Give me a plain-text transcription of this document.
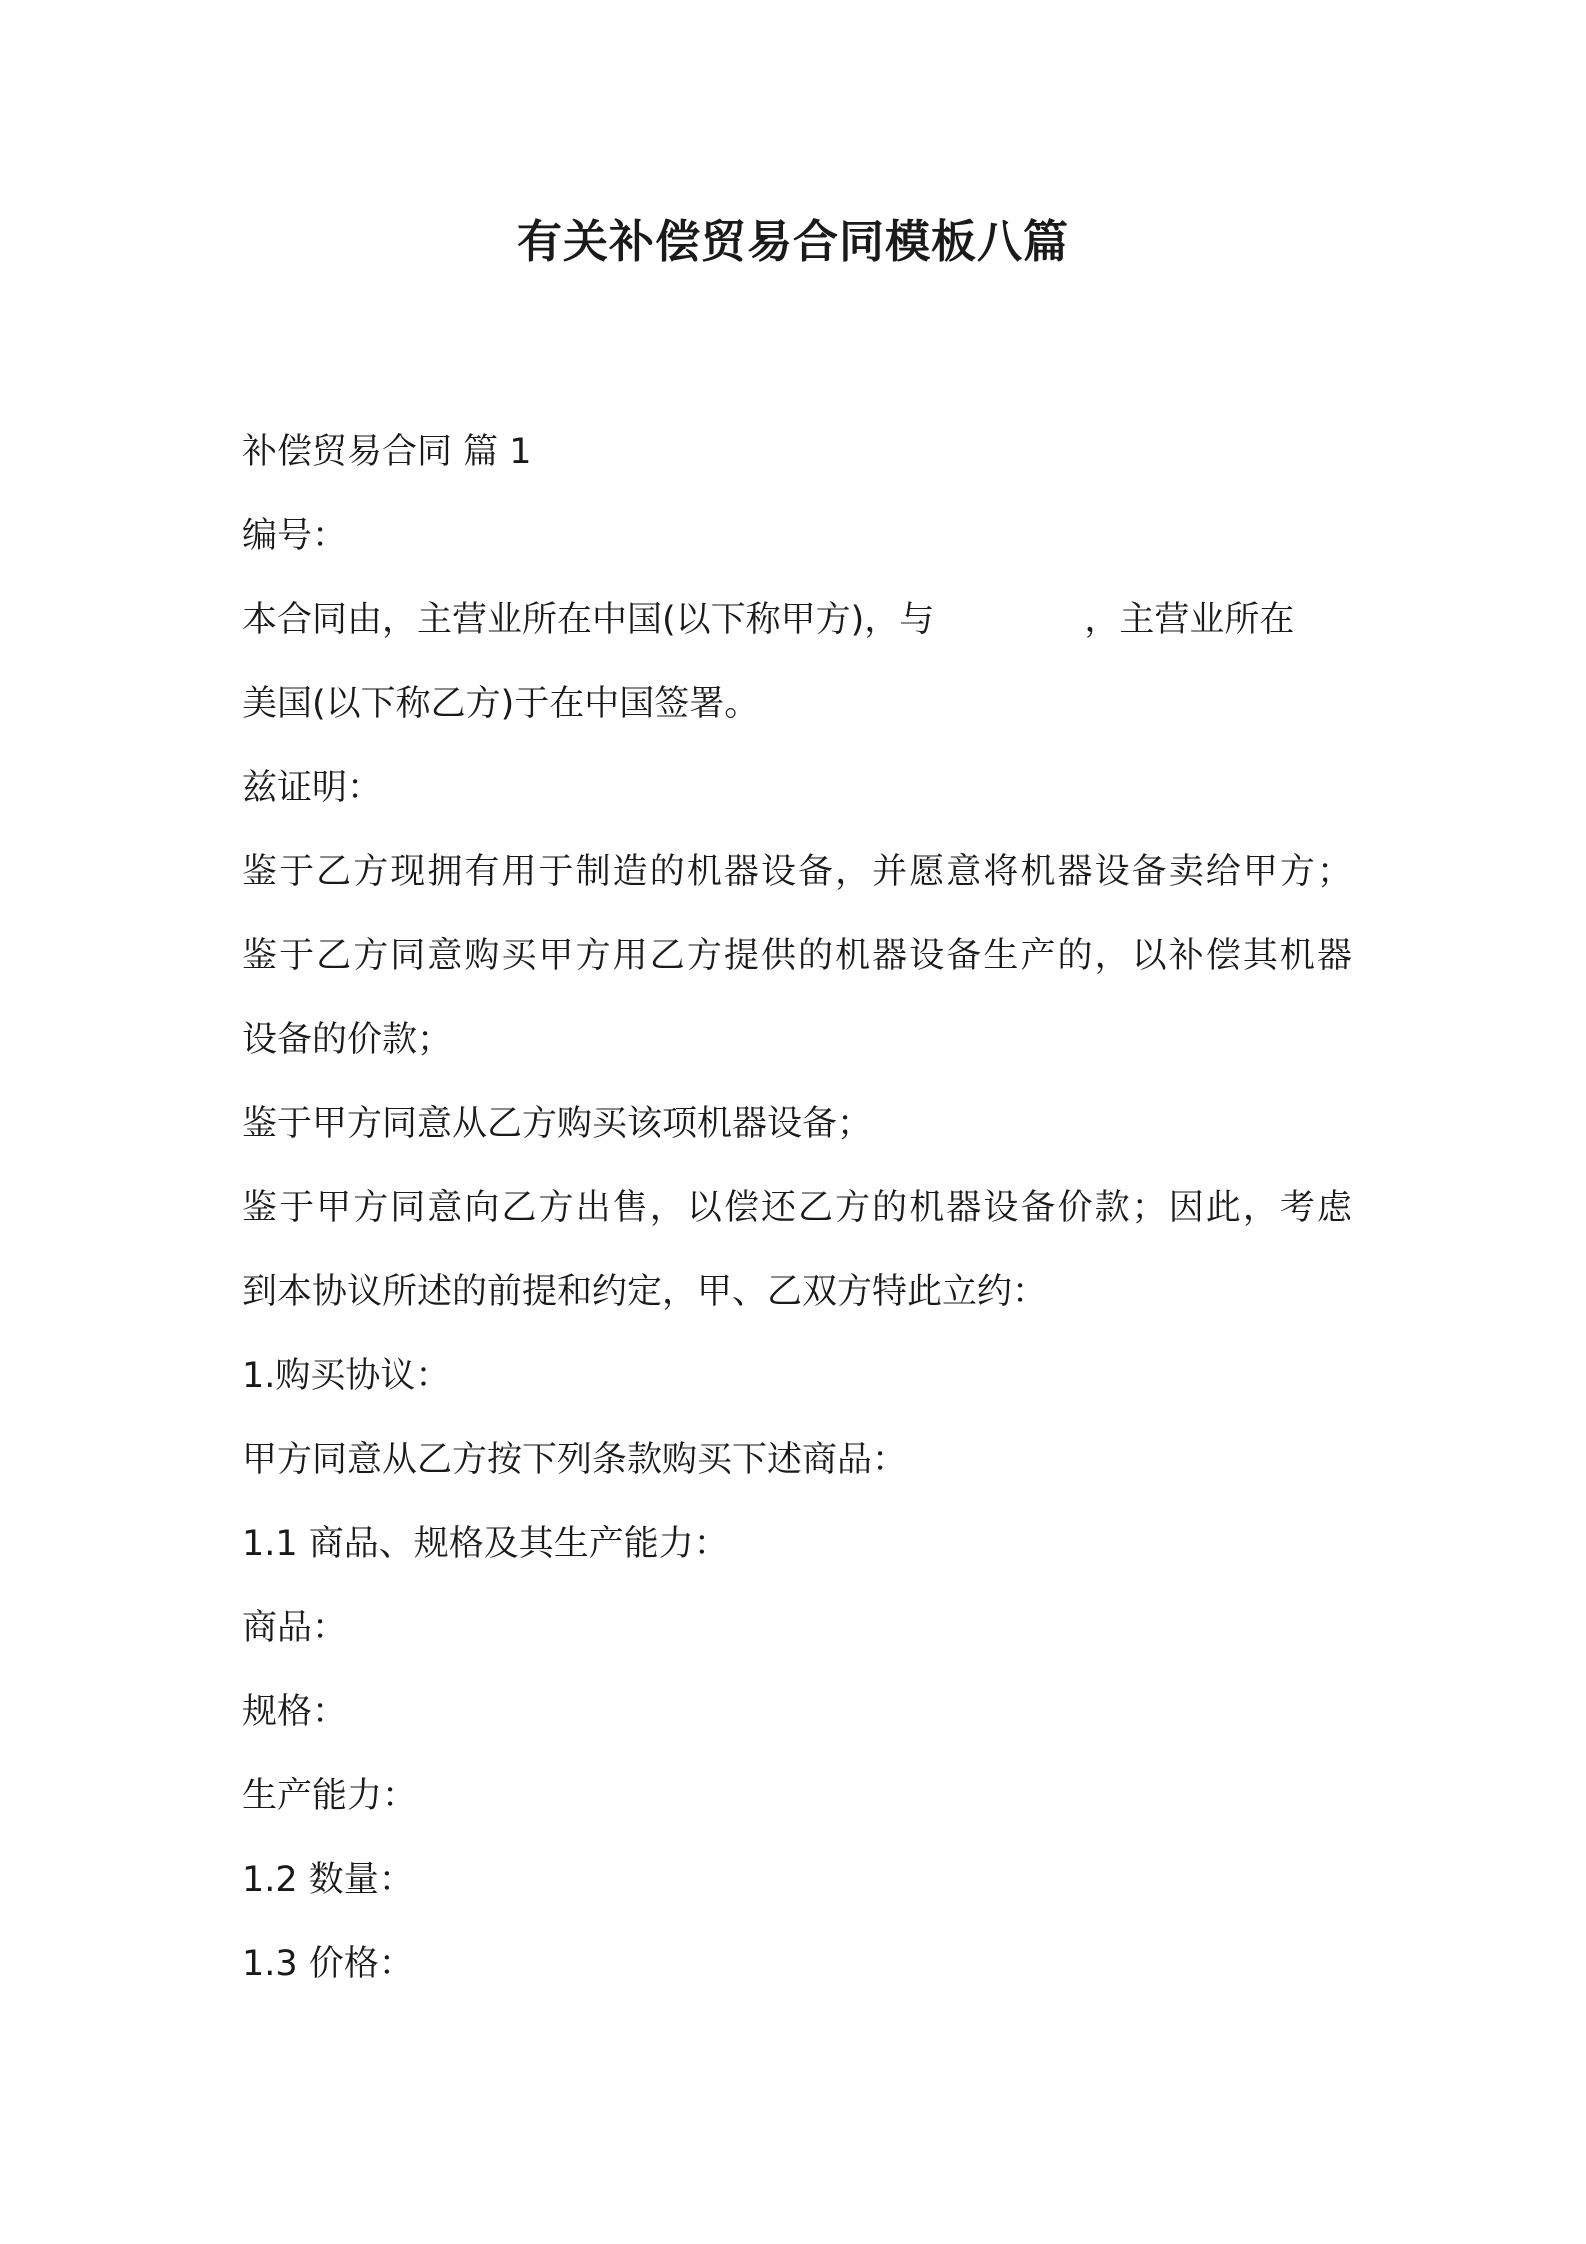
有关补偿贸易合同模板八篇

补偿贸易合同 篇 1

编号：

本合同由，主营业所在中国(以下称甲方)，与	，主营业所在

美国(以下称乙方)于在中国签署。

兹证明：

鉴于乙方现拥有用于制造的机器设备，并愿意将机器设备卖给甲方；

鉴于乙方同意购买甲方用乙方提供的机器设备生产的，以补偿其机器

设备的价款；

鉴于甲方同意从乙方购买该项机器设备；

鉴于甲方同意向乙方出售，以偿还乙方的机器设备价款；因此，考虑

到本协议所述的前提和约定，甲、乙双方特此立约：

1.购买协议：

甲方同意从乙方按下列条款购买下述商品：

1.1 商品、规格及其生产能力：

商品：

规格：

生产能力：

1.2 数量：

1.3 价格：
